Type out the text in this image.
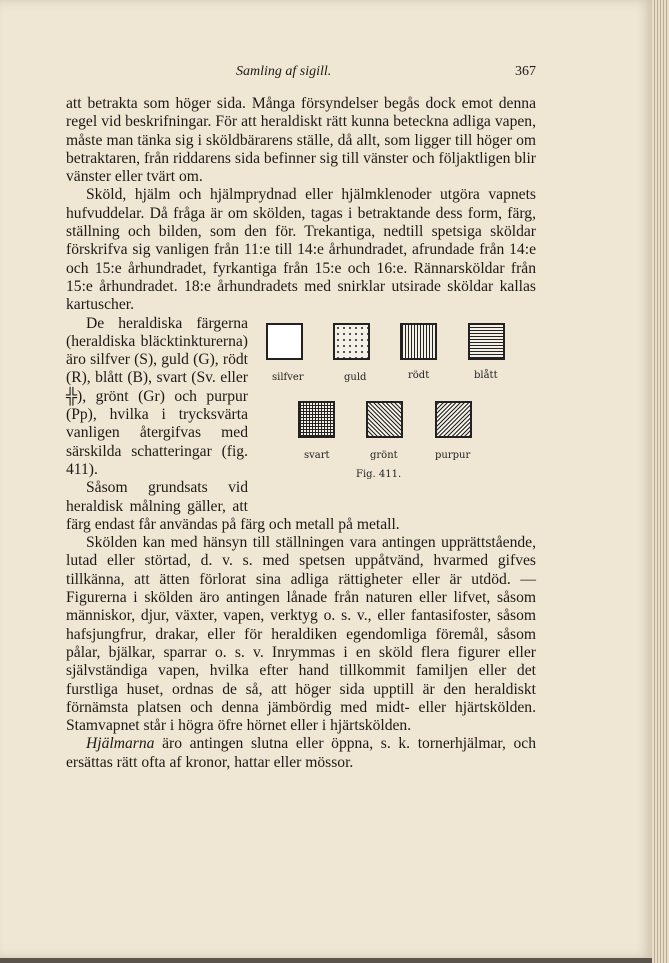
Samling af sigill.	367

att betrakta som höger sida. Många försyndelser begås dock emot denna regel vid beskrifningar. För att heraldiskt rätt kunna beteckna adliga vapen, måste man tänka sig i sköldbärarens ställe, då allt, som ligger till höger om betraktaren, från riddarens sida befinner sig till vänster och följaktligen blir vänster eller tvärt om.

Sköld, hjälm och hjälmprydnad eller hjälmklenoder utgöra vapnets hufvuddelar. Då fråga är om skölden, tagas i betraktande dess form, färg, ställning och bilden, som den för. Trekantiga, nedtill spetsiga sköldar förskrifva sig vanligen från 11:e till 14:e århundradet, afrundade från 14:e och 15:e århundradet, fyrkantiga från 15:e och 16:e. Rännarsköldar från 15:e århundradet. 18:e århundradets med snirklar utsirade sköldar kallas kartuscher.

silfver	guld	rödt	blått
svart	grönt	purpur
Fig. 411.

De heraldiska färgerna (heraldiska bläcktinkturerna) äro silfver (S), guld (G), rödt (R), blått (B), svart (Sv. eller ╬), grönt (Gr) och purpur (Pp), hvilka i trycksvärta vanligen återgifvas med särskilda schatteringar (fig. 411).

Såsom grundsats vid heraldisk målning gäller, att färg endast får användas på färg och metall på metall.

Skölden kan med hänsyn till ställningen vara antingen upprättstående, lutad eller störtad, d. v. s. med spetsen uppåtvänd, hvarmed gifves tillkänna, att ätten förlorat sina adliga rättigheter eller är utdöd. — Figurerna i skölden äro antingen lånade från naturen eller lifvet, såsom människor, djur, växter, vapen, verktyg o. s. v., eller fantasifoster, såsom hafsjungfrur, drakar, eller för heraldiken egendomliga föremål, såsom pålar, bjälkar, sparrar o. s. v. Inrymmas i en sköld flera figurer eller självständiga vapen, hvilka efter hand tillkommit familjen eller det furstliga huset, ordnas de så, att höger sida upptill är den heraldiskt förnämsta platsen och denna jämbördig med midt- eller hjärtskölden. Stamvapnet står i högra öfre hörnet eller i hjärtskölden.

Hjälmarna äro antingen slutna eller öppna, s. k. tornerhjälmar, och ersättas rätt ofta af kronor, hattar eller mössor.
